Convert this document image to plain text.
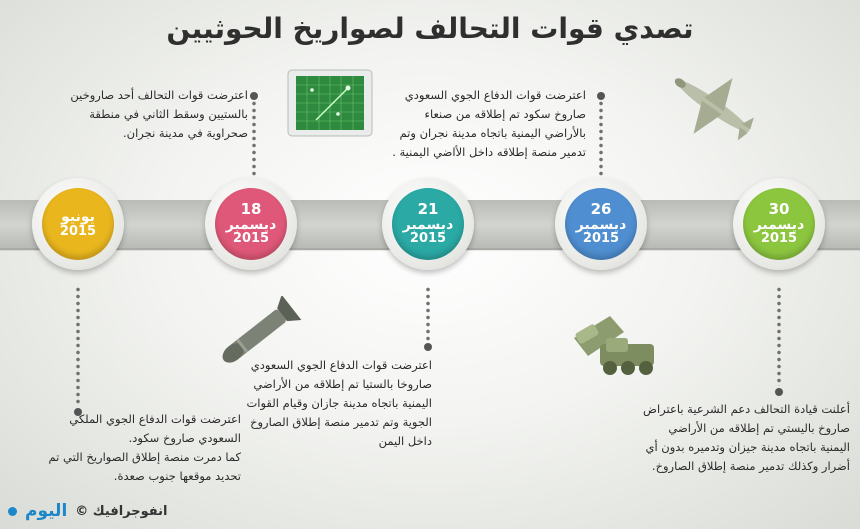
تصدي قوات التحالف لصواريخ الحوثيين
30
ديسمبر
2015
26
ديسمبر
2015
21
ديسمبر
2015
18
ديسمبر
2015
يونيو
2015
اعترضت قوات الدفاع الجوي السعودي
صاروخ سكود تم إطلاقه من صنعاء
بالأراضي اليمنية باتجاه مدينة نجران وتم
تدمير منصة إطلاقه داخل الأاضي اليمنية .
اعترضت قوات التحالف أحد صاروخين
بالستيين وسقط الثاني في منطقة
صحراوية في مدينة نجران.
أعلنت قيادة التحالف دعم الشرعية باعتراض
صاروخ باليستي تم إطلاقه من الأراضي
اليمنية باتجاه مدينة جيزان وتدميره بدون أي
أضرار وكذلك تدمير منصة إطلاق الصاروخ.
اعترضت قوات الدفاع الجوي السعودي
صاروخا بالستيا تم إطلاقه من الأراضي
اليمنية باتجاه مدينة جازان وقيام القوات
الجوية وتم تدمير منصة إطلاق الصاروخ
داخل اليمن
اعترضت قوات الدفاع الجوي الملكي
السعودي صاروخ سكود.
كما دمرت منصة إطلاق الصواريخ التي تم
تحديد موقعها جنوب صعدة.
اليوم انفوجرافيك ©
